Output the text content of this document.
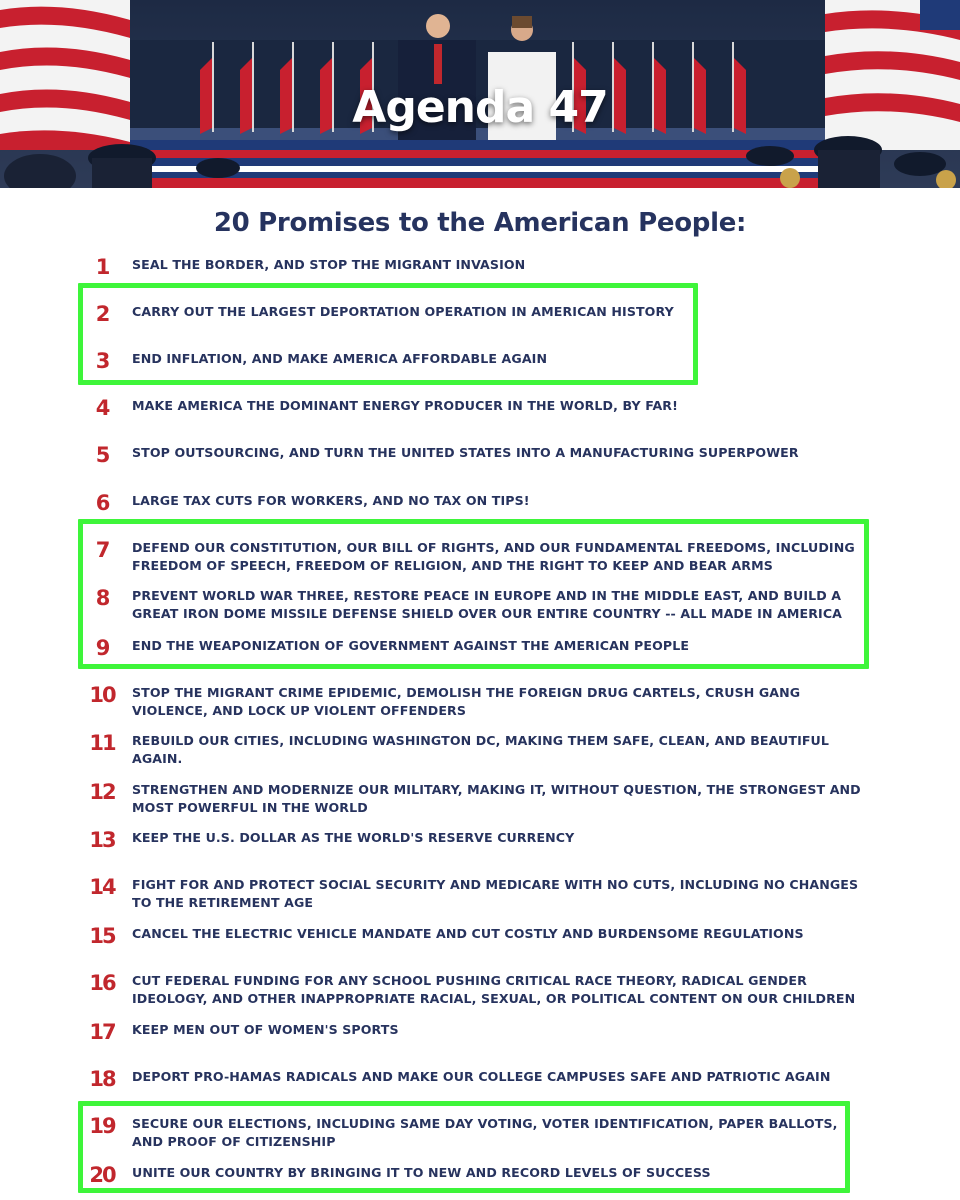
Agenda 47
20 Promises to the American People:
1	SEAL THE BORDER, AND STOP THE MIGRANT INVASION
2	CARRY OUT THE LARGEST DEPORTATION OPERATION IN AMERICAN HISTORY
3	END INFLATION, AND MAKE AMERICA AFFORDABLE AGAIN
4	MAKE AMERICA THE DOMINANT ENERGY PRODUCER IN THE WORLD, BY FAR!
5	STOP OUTSOURCING, AND TURN THE UNITED STATES INTO A MANUFACTURING SUPERPOWER
6	LARGE TAX CUTS FOR WORKERS, AND NO TAX ON TIPS!
7	DEFEND OUR CONSTITUTION, OUR BILL OF RIGHTS, AND OUR FUNDAMENTAL FREEDOMS, INCLUDING FREEDOM OF SPEECH, FREEDOM OF RELIGION, AND THE RIGHT TO KEEP AND BEAR ARMS
8	PREVENT WORLD WAR THREE, RESTORE PEACE IN EUROPE AND IN THE MIDDLE EAST, AND BUILD A GREAT IRON DOME MISSILE DEFENSE SHIELD OVER OUR ENTIRE COUNTRY -- ALL MADE IN AMERICA
9	END THE WEAPONIZATION OF GOVERNMENT AGAINST THE AMERICAN PEOPLE
10	STOP THE MIGRANT CRIME EPIDEMIC, DEMOLISH THE FOREIGN DRUG CARTELS, CRUSH GANG VIOLENCE, AND LOCK UP VIOLENT OFFENDERS
11	REBUILD OUR CITIES, INCLUDING WASHINGTON DC, MAKING THEM SAFE, CLEAN, AND BEAUTIFUL AGAIN.
12	STRENGTHEN AND MODERNIZE OUR MILITARY, MAKING IT, WITHOUT QUESTION, THE STRONGEST AND MOST POWERFUL IN THE WORLD
13	KEEP THE U.S. DOLLAR AS THE WORLD'S RESERVE CURRENCY
14	FIGHT FOR AND PROTECT SOCIAL SECURITY AND MEDICARE WITH NO CUTS, INCLUDING NO CHANGES TO THE RETIREMENT AGE
15	CANCEL THE ELECTRIC VEHICLE MANDATE AND CUT COSTLY AND BURDENSOME REGULATIONS
16	CUT FEDERAL FUNDING FOR ANY SCHOOL PUSHING CRITICAL RACE THEORY, RADICAL GENDER IDEOLOGY, AND OTHER INAPPROPRIATE RACIAL, SEXUAL, OR POLITICAL CONTENT ON OUR CHILDREN
17	KEEP MEN OUT OF WOMEN'S SPORTS
18	DEPORT PRO-HAMAS RADICALS AND MAKE OUR COLLEGE CAMPUSES SAFE AND PATRIOTIC AGAIN
19	SECURE OUR ELECTIONS, INCLUDING SAME DAY VOTING, VOTER IDENTIFICATION, PAPER BALLOTS, AND PROOF OF CITIZENSHIP
20	UNITE OUR COUNTRY BY BRINGING IT TO NEW AND RECORD LEVELS OF SUCCESS
